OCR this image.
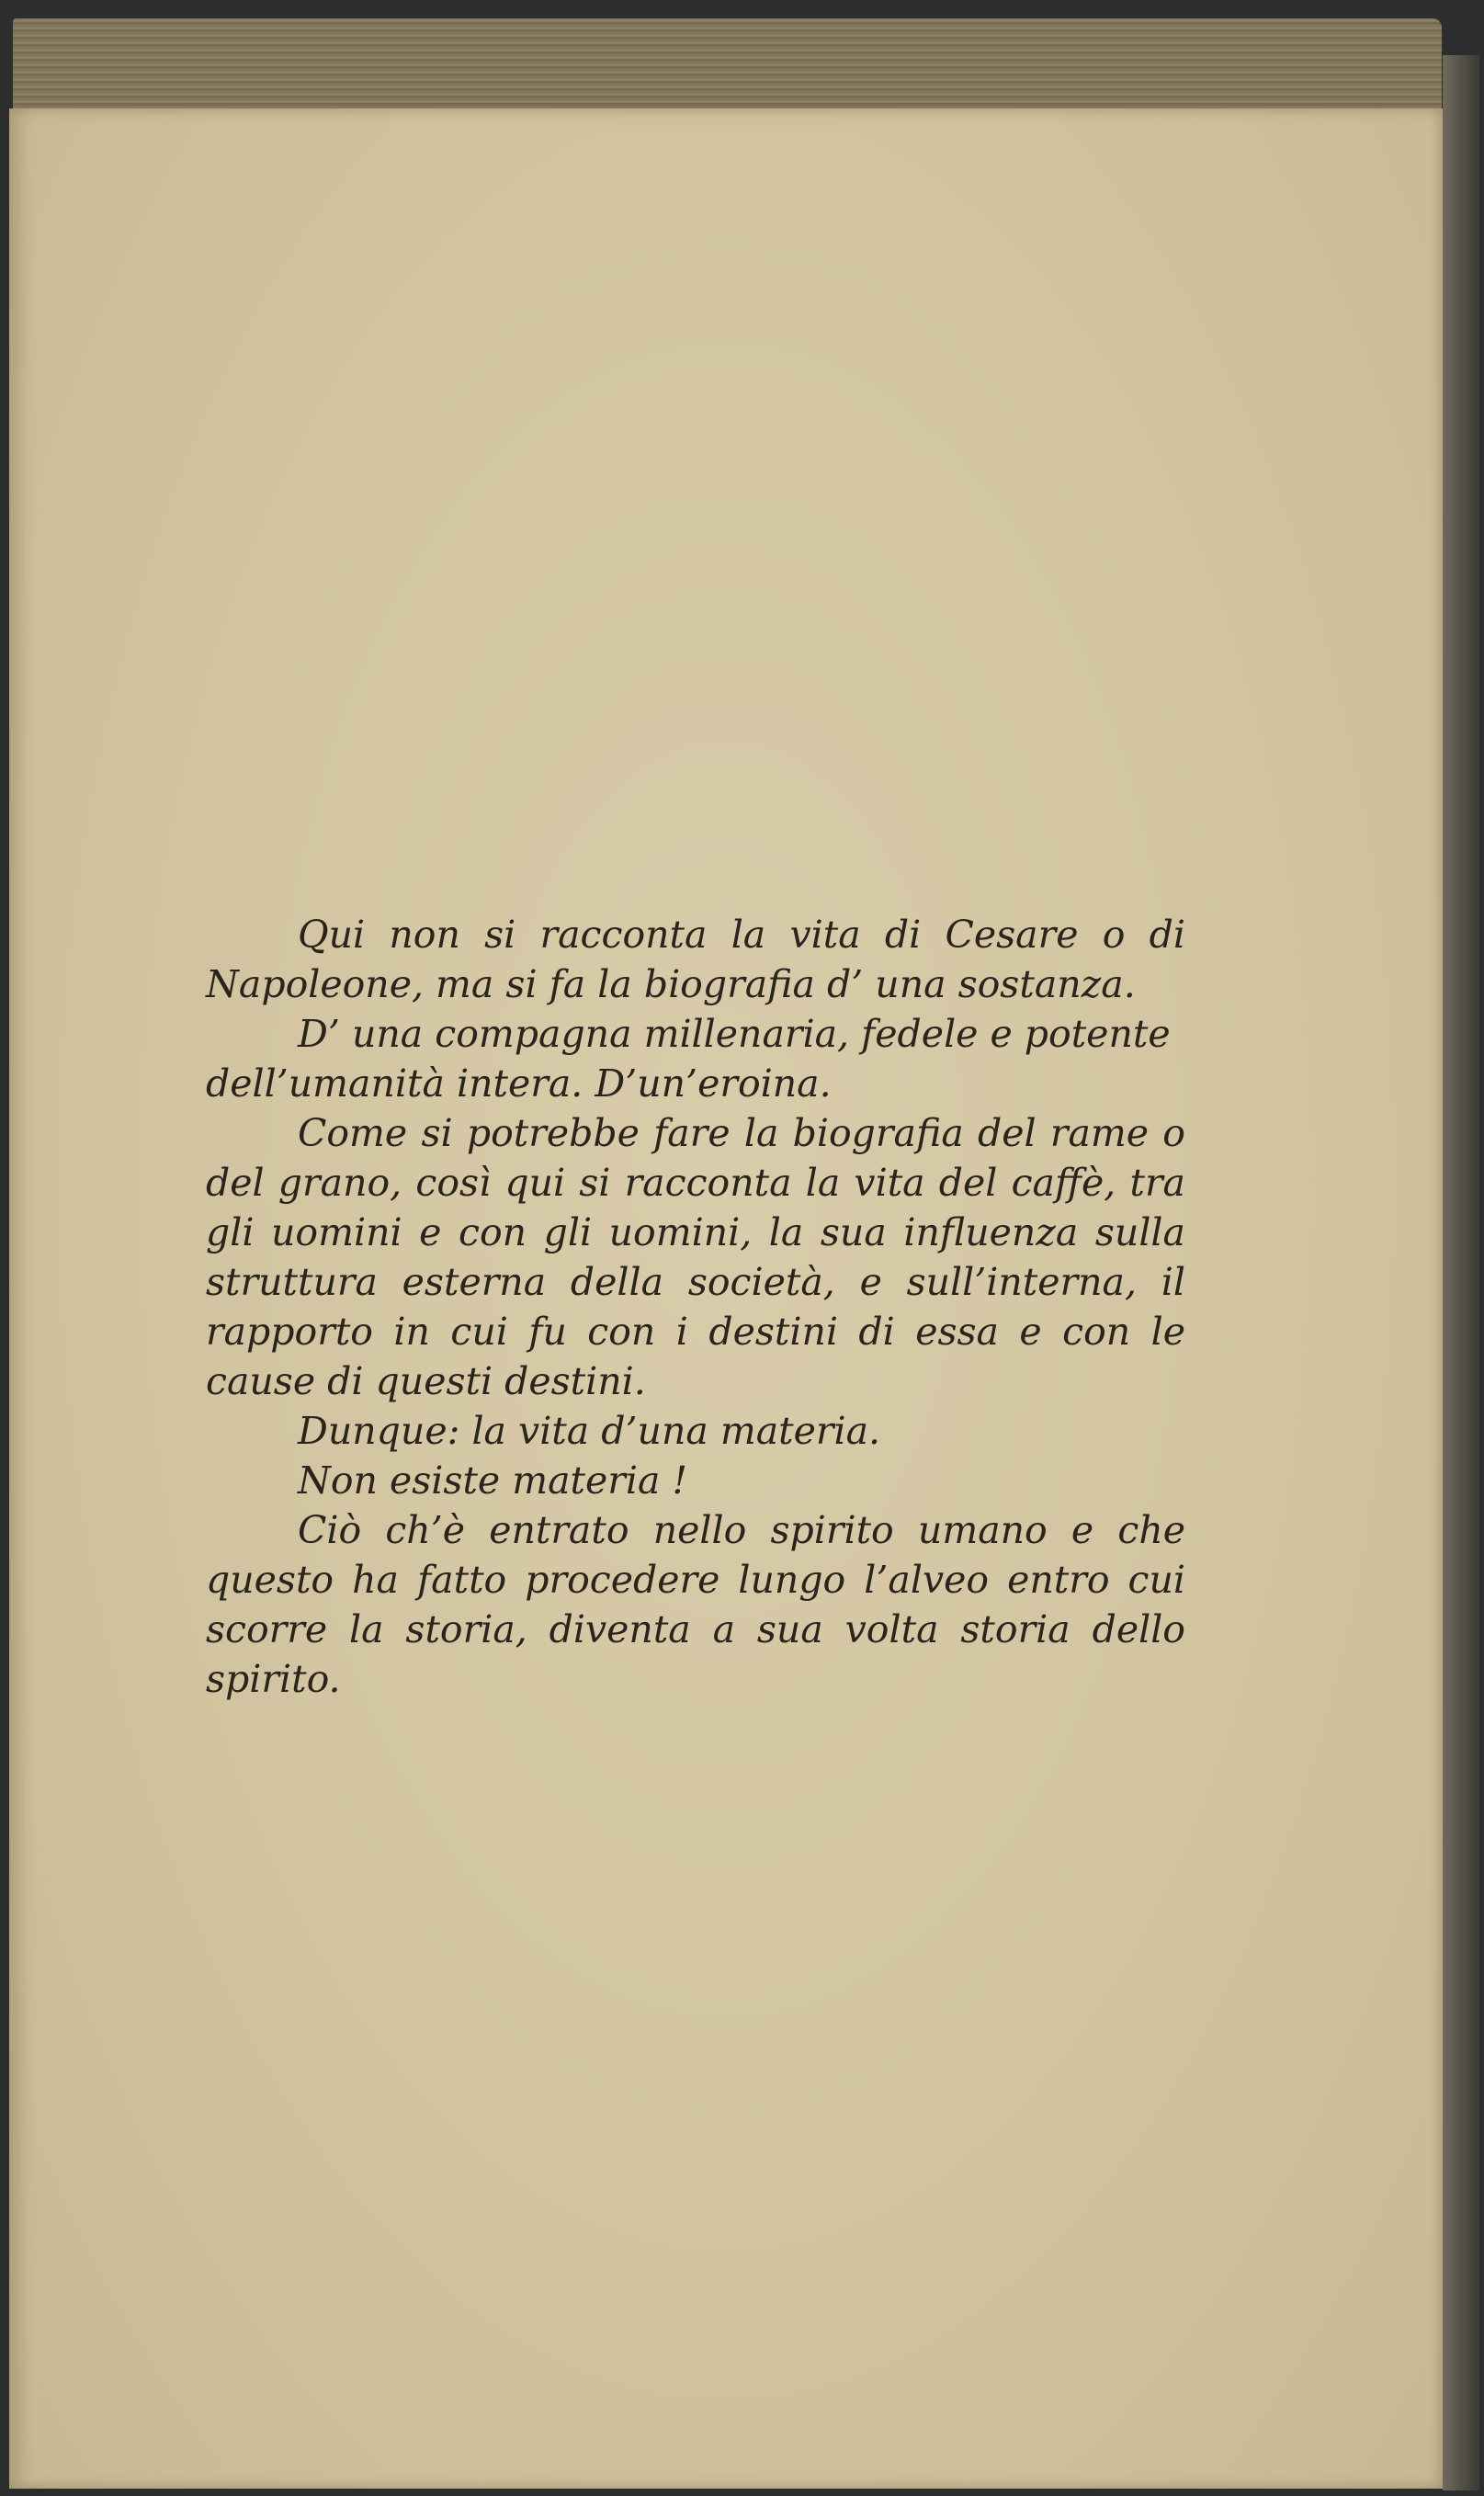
Qui non si racconta la vita di Cesare o di Napoleone, ma si fa la biografia d’ una sostanza.

D’ una compagna millenaria, fedele e potente dell’umanità intera. D’un’eroina.

Come si potrebbe fare la biografia del rame o del grano, così qui si racconta la vita del caffè, tra gli uomini e con gli uomini, la sua influenza sulla struttura esterna della società, e sull’interna, il rapporto in cui fu con i destini di essa e con le cause di questi destini.

Dunque: la vita d’una materia.

Non esiste materia !

Ciò ch’è entrato nello spirito umano e che questo ha fatto procedere lungo l’alveo entro cui scorre la storia, diventa a sua volta storia dello spirito.
